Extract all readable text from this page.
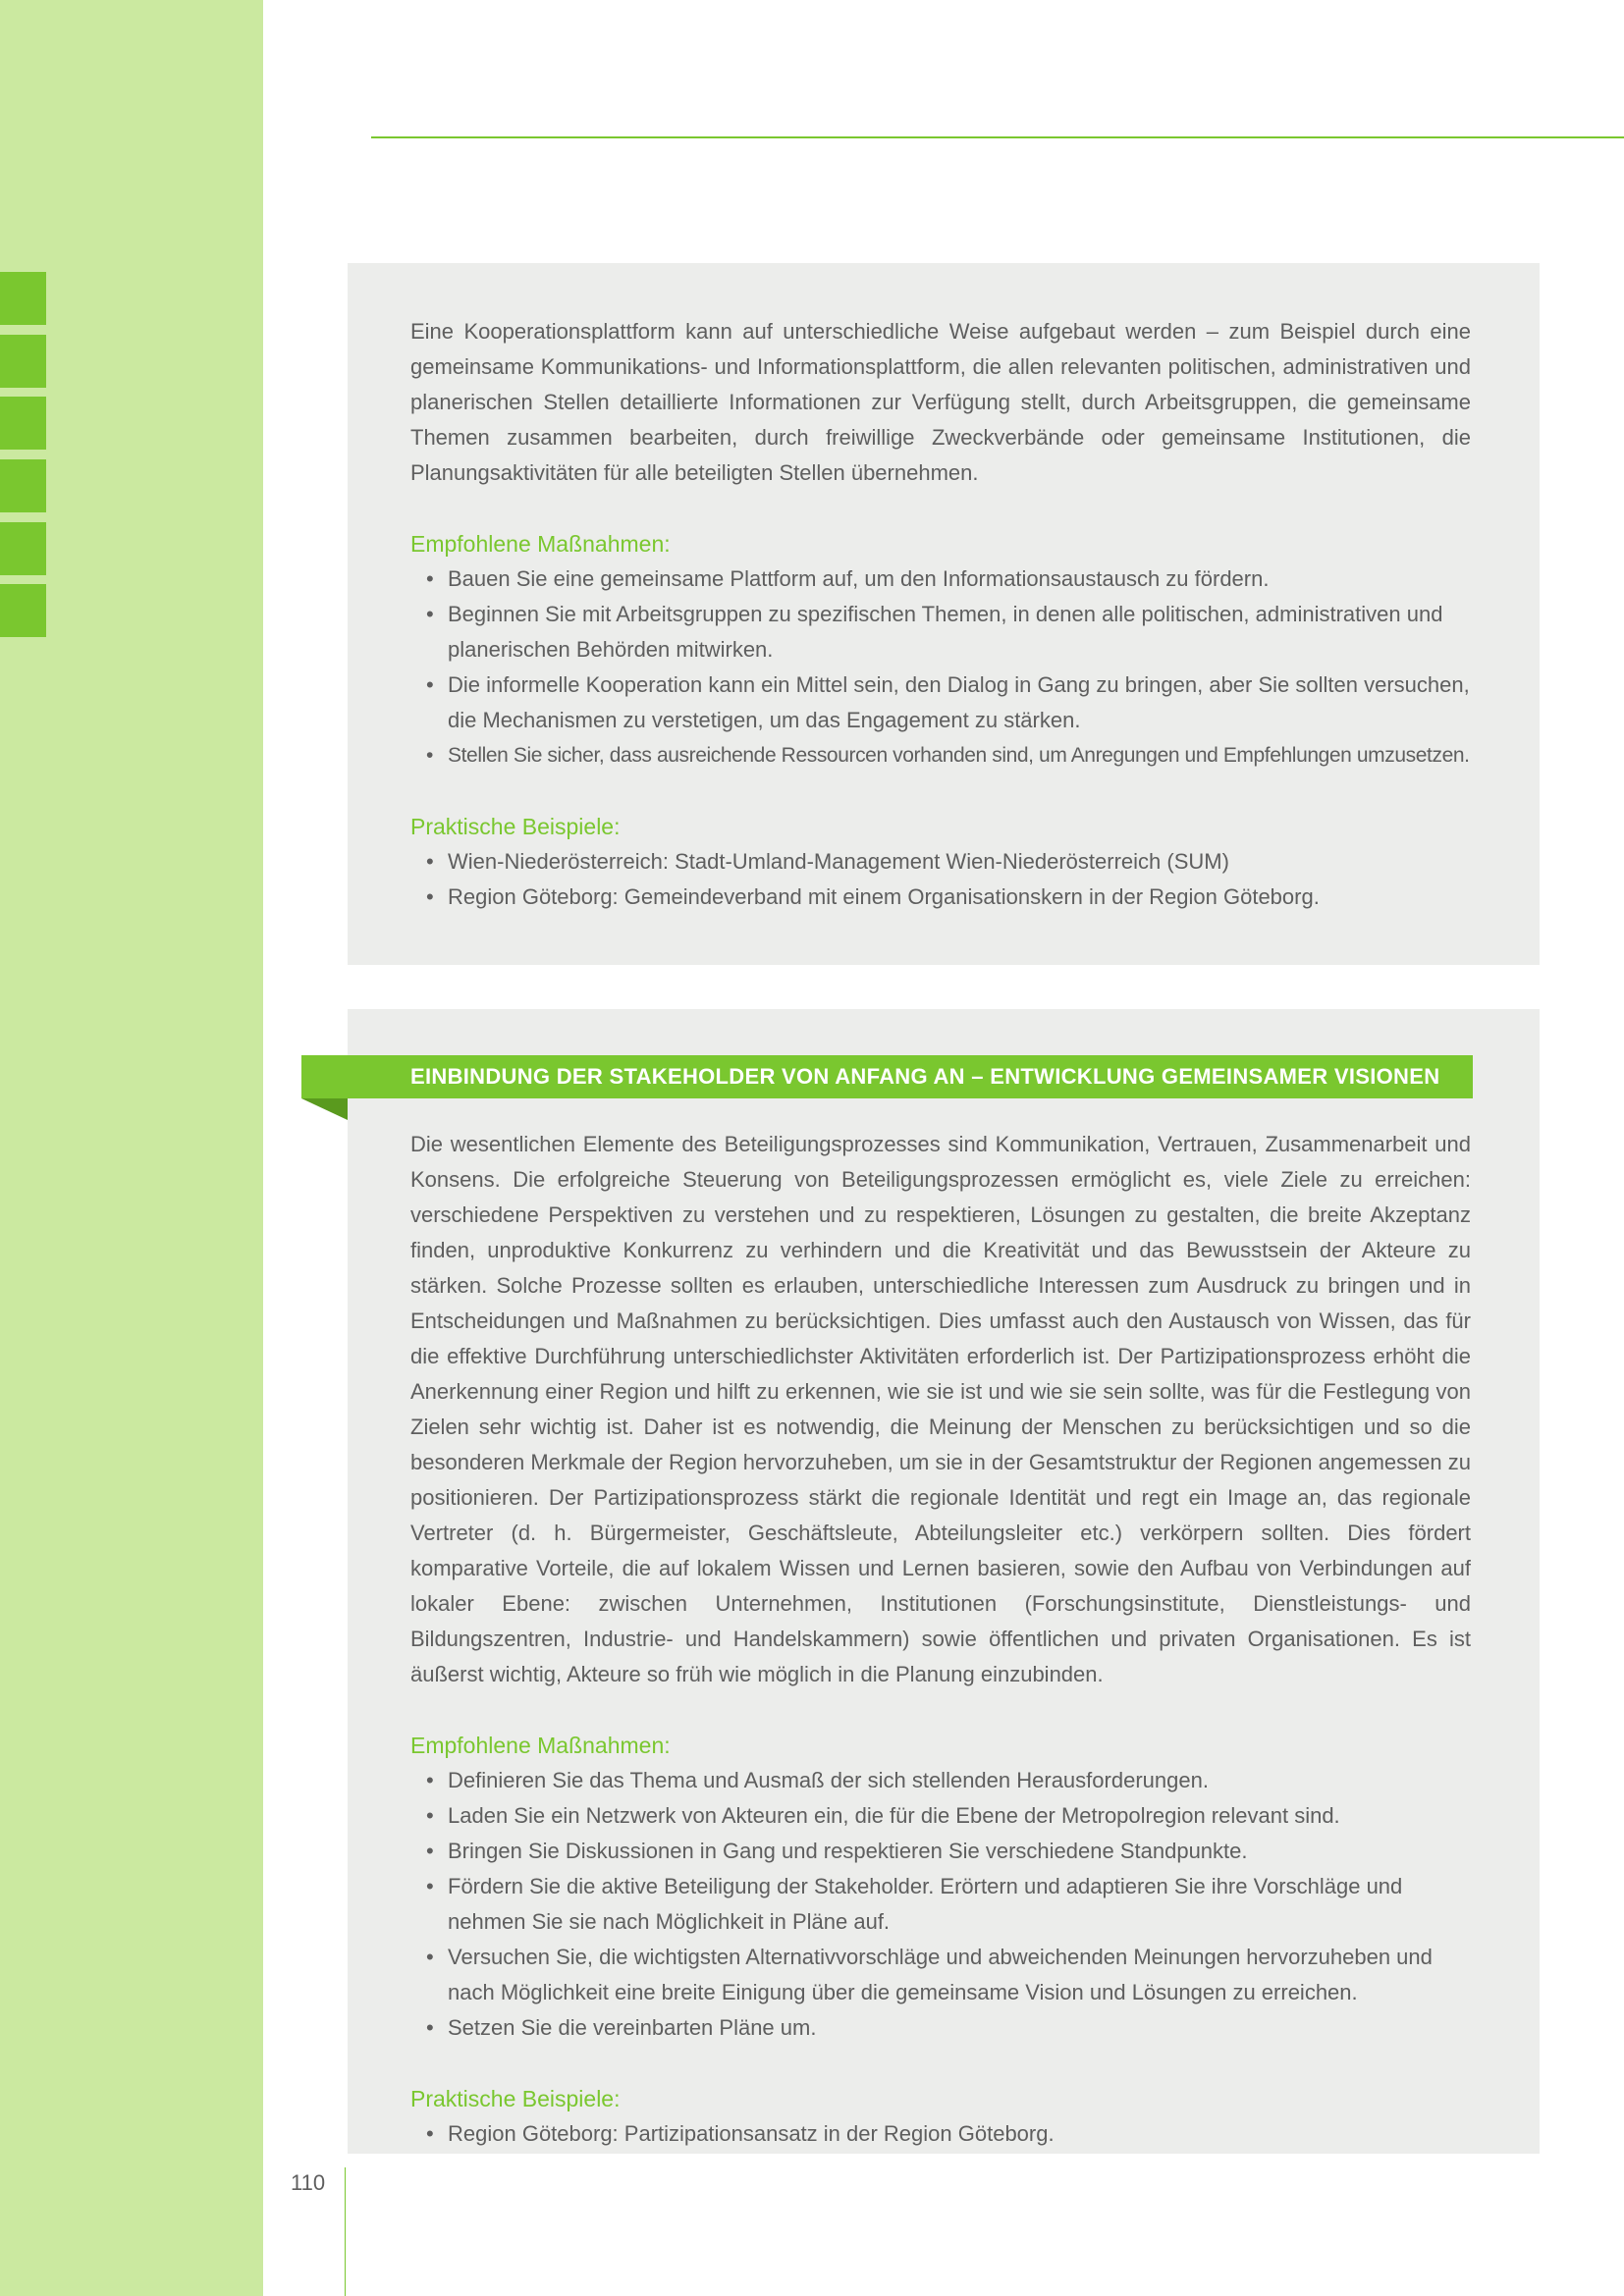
Eine Kooperationsplattform kann auf unterschiedliche Weise aufgebaut werden – zum Beispiel durch eine gemeinsame Kommunikations- und Informationsplattform, die allen relevanten politischen, administrativen und planerischen Stellen detaillierte Informationen zur Verfügung stellt, durch Arbeitsgruppen, die gemeinsame Themen zusammen bearbeiten, durch freiwillige Zweckverbände oder gemeinsame Institutionen, die Planungsaktivitäten für alle beteiligten Stellen übernehmen.

Empfohlene Maßnahmen:

• Bauen Sie eine gemeinsame Plattform auf, um den Informationsaustausch zu fördern.
• Beginnen Sie mit Arbeitsgruppen zu spezifischen Themen, in denen alle politischen, administrativen und planerischen Behörden mitwirken.
• Die informelle Kooperation kann ein Mittel sein, den Dialog in Gang zu bringen, aber Sie sollten versuchen, die Mechanismen zu verstetigen, um das Engagement zu stärken.
• Stellen Sie sicher, dass ausreichende Ressourcen vorhanden sind, um Anregungen und Empfehlungen umzusetzen.

Praktische Beispiele:

• Wien-Niederösterreich: Stadt-Umland-Management Wien-Niederösterreich (SUM)
• Region Göteborg: Gemeindeverband mit einem Organisationskern in der Region Göteborg.

Die wesentlichen Elemente des Beteiligungsprozesses sind Kommunikation, Vertrauen, Zusammenarbeit und Konsens. Die erfolgreiche Steuerung von Beteiligungsprozessen ermöglicht es, viele Ziele zu erreichen: verschiedene Perspektiven zu verstehen und zu respektieren, Lösungen zu gestalten, die breite Akzeptanz finden, unproduktive Konkurrenz zu verhindern und die Kreativität und das Bewusstsein der Akteure zu stärken. Solche Prozesse sollten es erlauben, unterschiedliche Interessen zum Ausdruck zu bringen und in Entscheidungen und Maßnahmen zu berücksichtigen. Dies umfasst auch den Austausch von Wissen, das für die effektive Durchführung unterschiedlichster Aktivitäten erforderlich ist. Der Partizipationsprozess erhöht die Anerkennung einer Region und hilft zu erkennen, wie sie ist und wie sie sein sollte, was für die Festlegung von Zielen sehr wichtig ist. Daher ist es notwendig, die Meinung der Menschen zu berücksichtigen und so die besonderen Merkmale der Region hervorzuheben, um sie in der Gesamtstruktur der Regionen angemessen zu positionieren. Der Partizipationsprozess stärkt die regionale Identität und regt ein Image an, das regionale Vertreter (d. h. Bürgermeister, Geschäftsleute, Abteilungsleiter etc.) verkörpern sollten. Dies fördert komparative Vorteile, die auf lokalem Wissen und Lernen basieren, sowie den Aufbau von Verbindungen auf lokaler Ebene: zwischen Unternehmen, Institutionen (Forschungsinstitute, Dienstleistungs- und Bildungszentren, Industrie- und Handelskammern) sowie öffentlichen und privaten Organisationen. Es ist äußerst wichtig, Akteure so früh wie möglich in die Planung einzubinden.

Empfohlene Maßnahmen:

• Definieren Sie das Thema und Ausmaß der sich stellenden Herausforderungen.
• Laden Sie ein Netzwerk von Akteuren ein, die für die Ebene der Metropolregion relevant sind.
• Bringen Sie Diskussionen in Gang und respektieren Sie verschiedene Standpunkte.
• Fördern Sie die aktive Beteiligung der Stakeholder. Erörtern und adaptieren Sie ihre Vorschläge und nehmen Sie sie nach Möglichkeit in Pläne auf.
• Versuchen Sie, die wichtigsten Alternativvorschläge und abweichenden Meinungen hervorzuheben und nach Möglichkeit eine breite Einigung über die gemeinsame Vision und Lösungen zu erreichen.
• Setzen Sie die vereinbarten Pläne um.

Praktische Beispiele:

• Region Göteborg: Partizipationsansatz in der Region Göteborg.
EINBINDUNG DER STAKEHOLDER VON ANFANG AN – ENTWICKLUNG GEMEINSAMER VISIONEN
110
